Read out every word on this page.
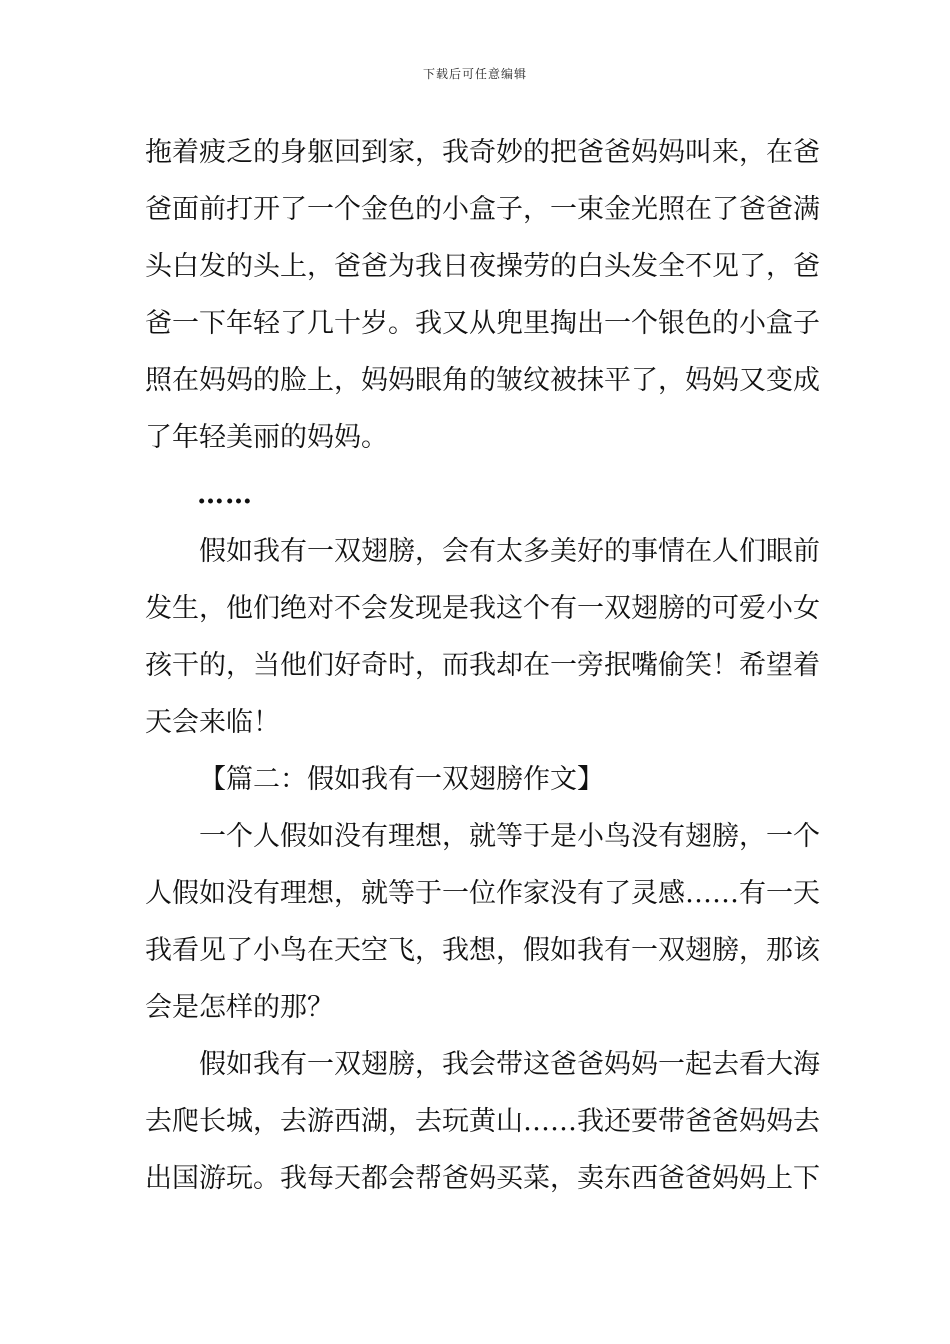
下载后可任意编辑
拖着疲乏的身躯回到家，我奇妙的把爸爸妈妈叫来，在爸
爸面前打开了一个金色的小盒子，一束金光照在了爸爸满
头白发的头上，爸爸为我日夜操劳的白头发全不见了，爸
爸一下年轻了几十岁。我又从兜里掏出一个银色的小盒子
照在妈妈的脸上，妈妈眼角的皱纹被抹平了，妈妈又变成
了年轻美丽的妈妈。
……
假如我有一双翅膀，会有太多美好的事情在人们眼前
发生，他们绝对不会发现是我这个有一双翅膀的可爱小女
孩干的，当他们好奇时，而我却在一旁抿嘴偷笑！希望着
天会来临！
【篇二：假如我有一双翅膀作文】
一个人假如没有理想，就等于是小鸟没有翅膀，一个
人假如没有理想，就等于一位作家没有了灵感……有一天
我看见了小鸟在天空飞，我想，假如我有一双翅膀，那该
会是怎样的那？
假如我有一双翅膀，我会带这爸爸妈妈一起去看大海
去爬长城，去游西湖，去玩黄山……我还要带爸爸妈妈去
出国游玩。我每天都会帮爸妈买菜，卖东西爸爸妈妈上下
